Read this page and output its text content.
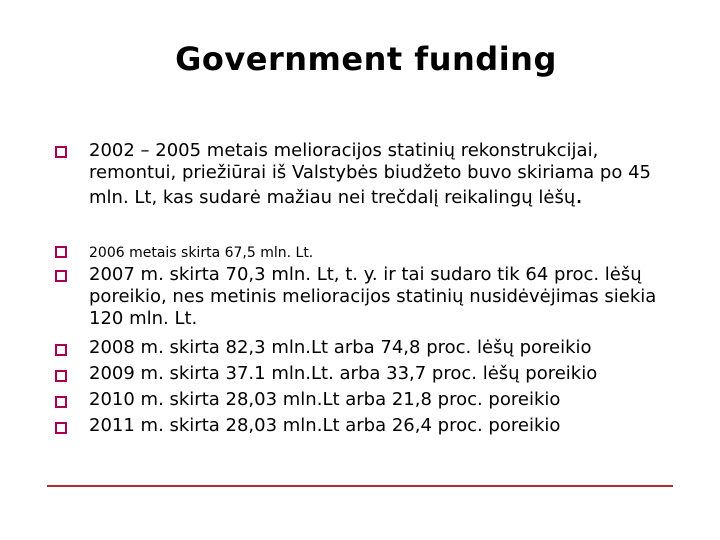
Government funding
2002 – 2005 metais melioracijos statinių rekonstrukcijai, remontui, priežiūrai iš Valstybės biudžeto buvo skiriama po 45 mln. Lt, kas sudarė mažiau nei trečdalį reikalingų lėšų.
2006 metais skirta 67,5 mln. Lt.
2007 m. skirta 70,3 mln. Lt, t. y. ir tai sudaro tik 64 proc. lėšų poreikio, nes metinis melioracijos statinių nusidėvėjimas siekia 120 mln. Lt.
2008 m. skirta 82,3 mln.Lt arba 74,8 proc. lėšų poreikio
2009 m. skirta 37.1 mln.Lt. arba 33,7 proc. lėšų poreikio
2010 m. skirta 28,03 mln.Lt arba 21,8 proc. poreikio
2011 m. skirta 28,03 mln.Lt arba 26,4 proc. poreikio
